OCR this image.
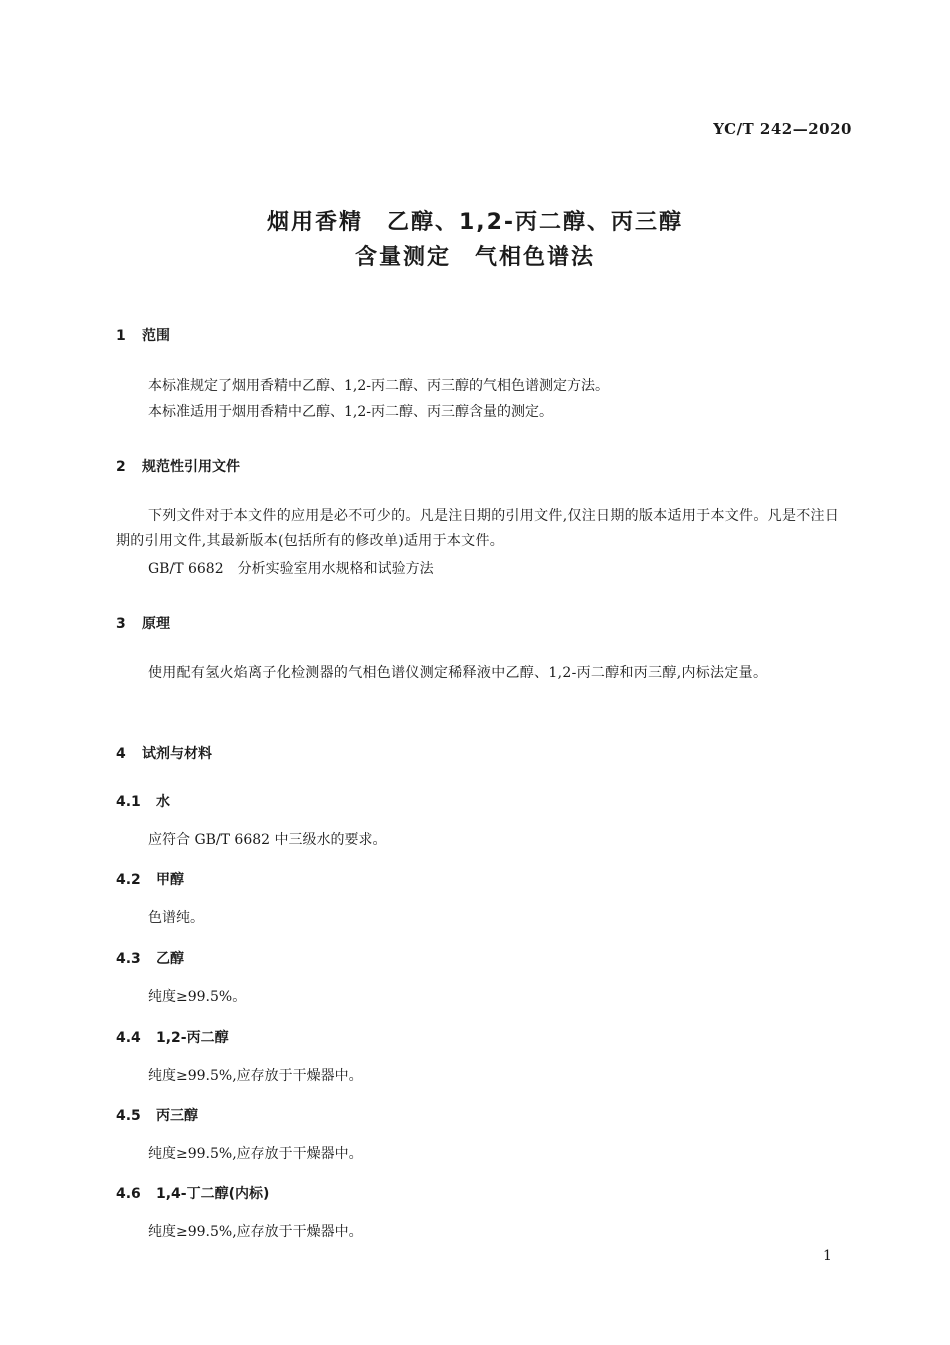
YC/T 242—2020
烟用香精　乙醇、1,2-丙二醇、丙三醇
含量测定　气相色谱法
1 范围
本标准规定了烟用香精中乙醇、1,2-丙二醇、丙三醇的气相色谱测定方法。
本标准适用于烟用香精中乙醇、1,2-丙二醇、丙三醇含量的测定。
2 规范性引用文件
下列文件对于本文件的应用是必不可少的。凡是注日期的引用文件,仅注日期的版本适用于本文件。凡是不注日期的引用文件,其最新版本(包括所有的修改单)适用于本文件。
GB/T 6682　分析实验室用水规格和试验方法
3 原理
使用配有氢火焰离子化检测器的气相色谱仪测定稀释液中乙醇、1,2-丙二醇和丙三醇,内标法定量。
4 试剂与材料
4.1 水
应符合 GB/T 6682 中三级水的要求。
4.2 甲醇
色谱纯。
4.3 乙醇
纯度≥99.5%。
4.4 1,2-丙二醇
纯度≥99.5%,应存放于干燥器中。
4.5 丙三醇
纯度≥99.5%,应存放于干燥器中。
4.6 1,4-丁二醇(内标)
纯度≥99.5%,应存放于干燥器中。
1
